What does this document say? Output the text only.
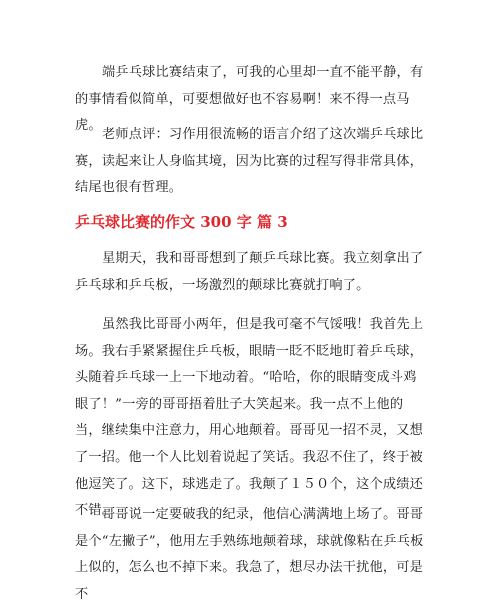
端乒乓球比赛结束了，可我的心里却一直不能平静，有的事情看似简单，可要想做好也不容易啊！来不得一点马虎。

老师点评：习作用很流畅的语言介绍了这次端乒乓球比赛，读起来让人身临其境，因为比赛的过程写得非常具体，结尾也很有哲理。

乒乓球比赛的作文 300 字 篇 3

星期天，我和哥哥想到了颠乒乓球比赛。我立刻拿出了乒乓球和乒乓板，一场激烈的颠球比赛就打响了。

虽然我比哥哥小两年，但是我可毫不气馁哦！我首先上场。我右手紧紧握住乒乓板，眼睛一眨不眨地盯着乒乓球，头随着乒乓球一上一下地动着。“哈哈，你的眼睛变成斗鸡眼了！”一旁的哥哥捂着肚子大笑起来。我一点不上他的当，继续集中注意力，用心地颠着。哥哥见一招不灵，又想了一招。他一个人比划着说起了笑话。我忍不住了，终于被他逗笑了。这下，球逃走了。我颠了１５０个，这个成绩还不错。

哥哥说一定要破我的纪录，他信心满满地上场了。哥哥是个“左撇子”，他用左手熟练地颠着球，球就像粘在乒乓板上似的，怎么也不掉下来。我急了，想尽办法干扰他，可是不
